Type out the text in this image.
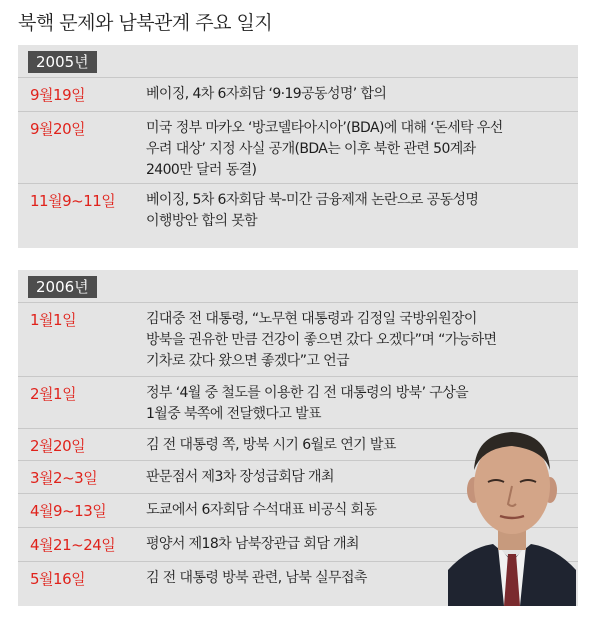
북핵 문제와 남북관계 주요 일지
2005년
9월19일	베이징, 4차 6자회담 ‘9·19공동성명’ 합의
9월20일	미국 정부 마카오 ‘방코델타아시아’(BDA)에 대해 ‘돈세탁 우선
우려 대상’ 지정 사실 공개(BDA는 이후 북한 관련 50계좌
2400만 달러 동결)
11월9~11일 베이징, 5차 6자회담 북-미간 금융제재 논란으로 공동성명
이행방안 합의 못함
2006년
1월1일	김대중 전 대통령, “노무현 대통령과 김정일 국방위원장이
방북을 권유한 만큼 건강이 좋으면 갔다 오겠다”며 “가능하면
기차로 갔다 왔으면 좋겠다”고 언급
2월1일	정부 ‘4월 중 철도를 이용한 김 전 대통령의 방북’ 구상을
1월중 북쪽에 전달했다고 발표
2월20일	김 전 대통령 쪽, 방북 시기 6월로 연기 발표
3월2~3일	판문점서 제3차 장성급회담 개최
4월9~13일	도쿄에서 6자회담 수석대표 비공식 회동
4월21~24일 평양서 제18차 남북장관급 회담 개최
5월16일	김 전 대통령 방북 관련, 남북 실무접촉
